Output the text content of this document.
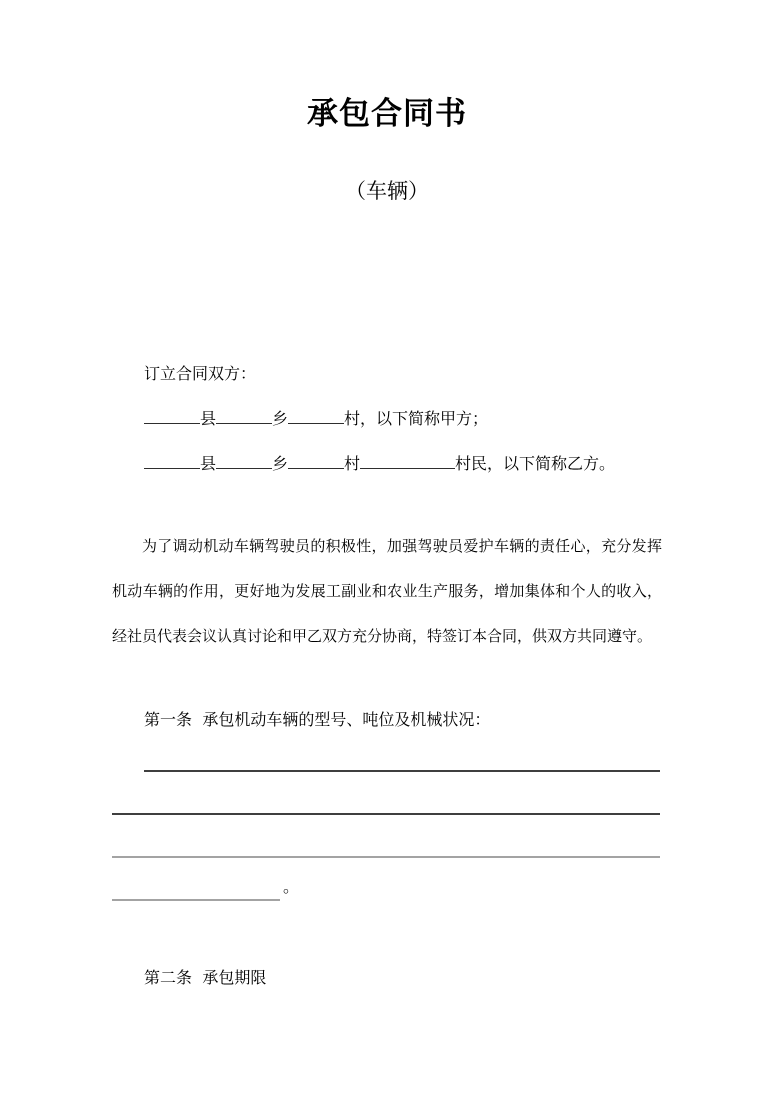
承包合同书
（车辆）

订立合同双方：

县	乡	村，以下简称甲方；

县	乡	村	村民，以下简称乙方。

为了调动机动车辆驾驶员的积极性，加强驾驶员爱护车辆的责任心，充分发挥

机动车辆的作用，更好地为发展工副业和农业生产服务，增加集体和个人的收入，

经社员代表会议认真讨论和甲乙双方充分协商，特签订本合同，供双方共同遵守。

第一条 承包机动车辆的型号、吨位及机械状况：

。

第二条 承包期限
